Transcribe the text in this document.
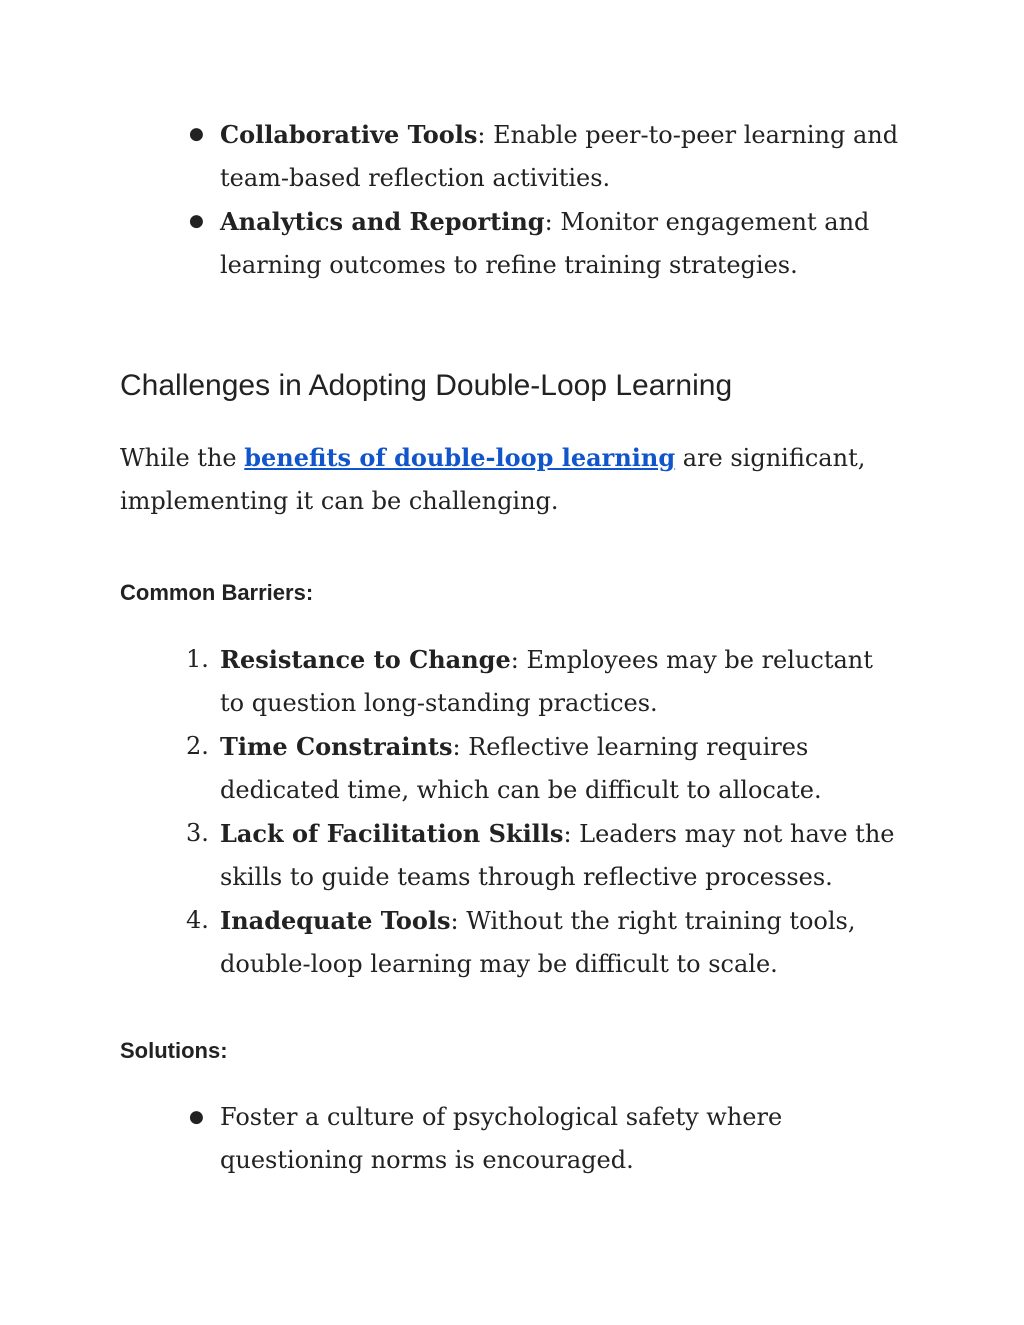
● Collaborative Tools: Enable peer-to-peer learning and team-based reflection activities.
● Analytics and Reporting: Monitor engagement and learning outcomes to refine training strategies.
Challenges in Adopting Double-Loop Learning

While the benefits of double-loop learning are significant, implementing it can be challenging.

Common Barriers:
1. Resistance to Change: Employees may be reluctant to question long-standing practices.
2. Time Constraints: Reflective learning requires dedicated time, which can be difficult to allocate.
3. Lack of Facilitation Skills: Leaders may not have the skills to guide teams through reflective processes.
4. Inadequate Tools: Without the right training tools, double-loop learning may be difficult to scale.
Solutions:
● Foster a culture of psychological safety where questioning norms is encouraged.
